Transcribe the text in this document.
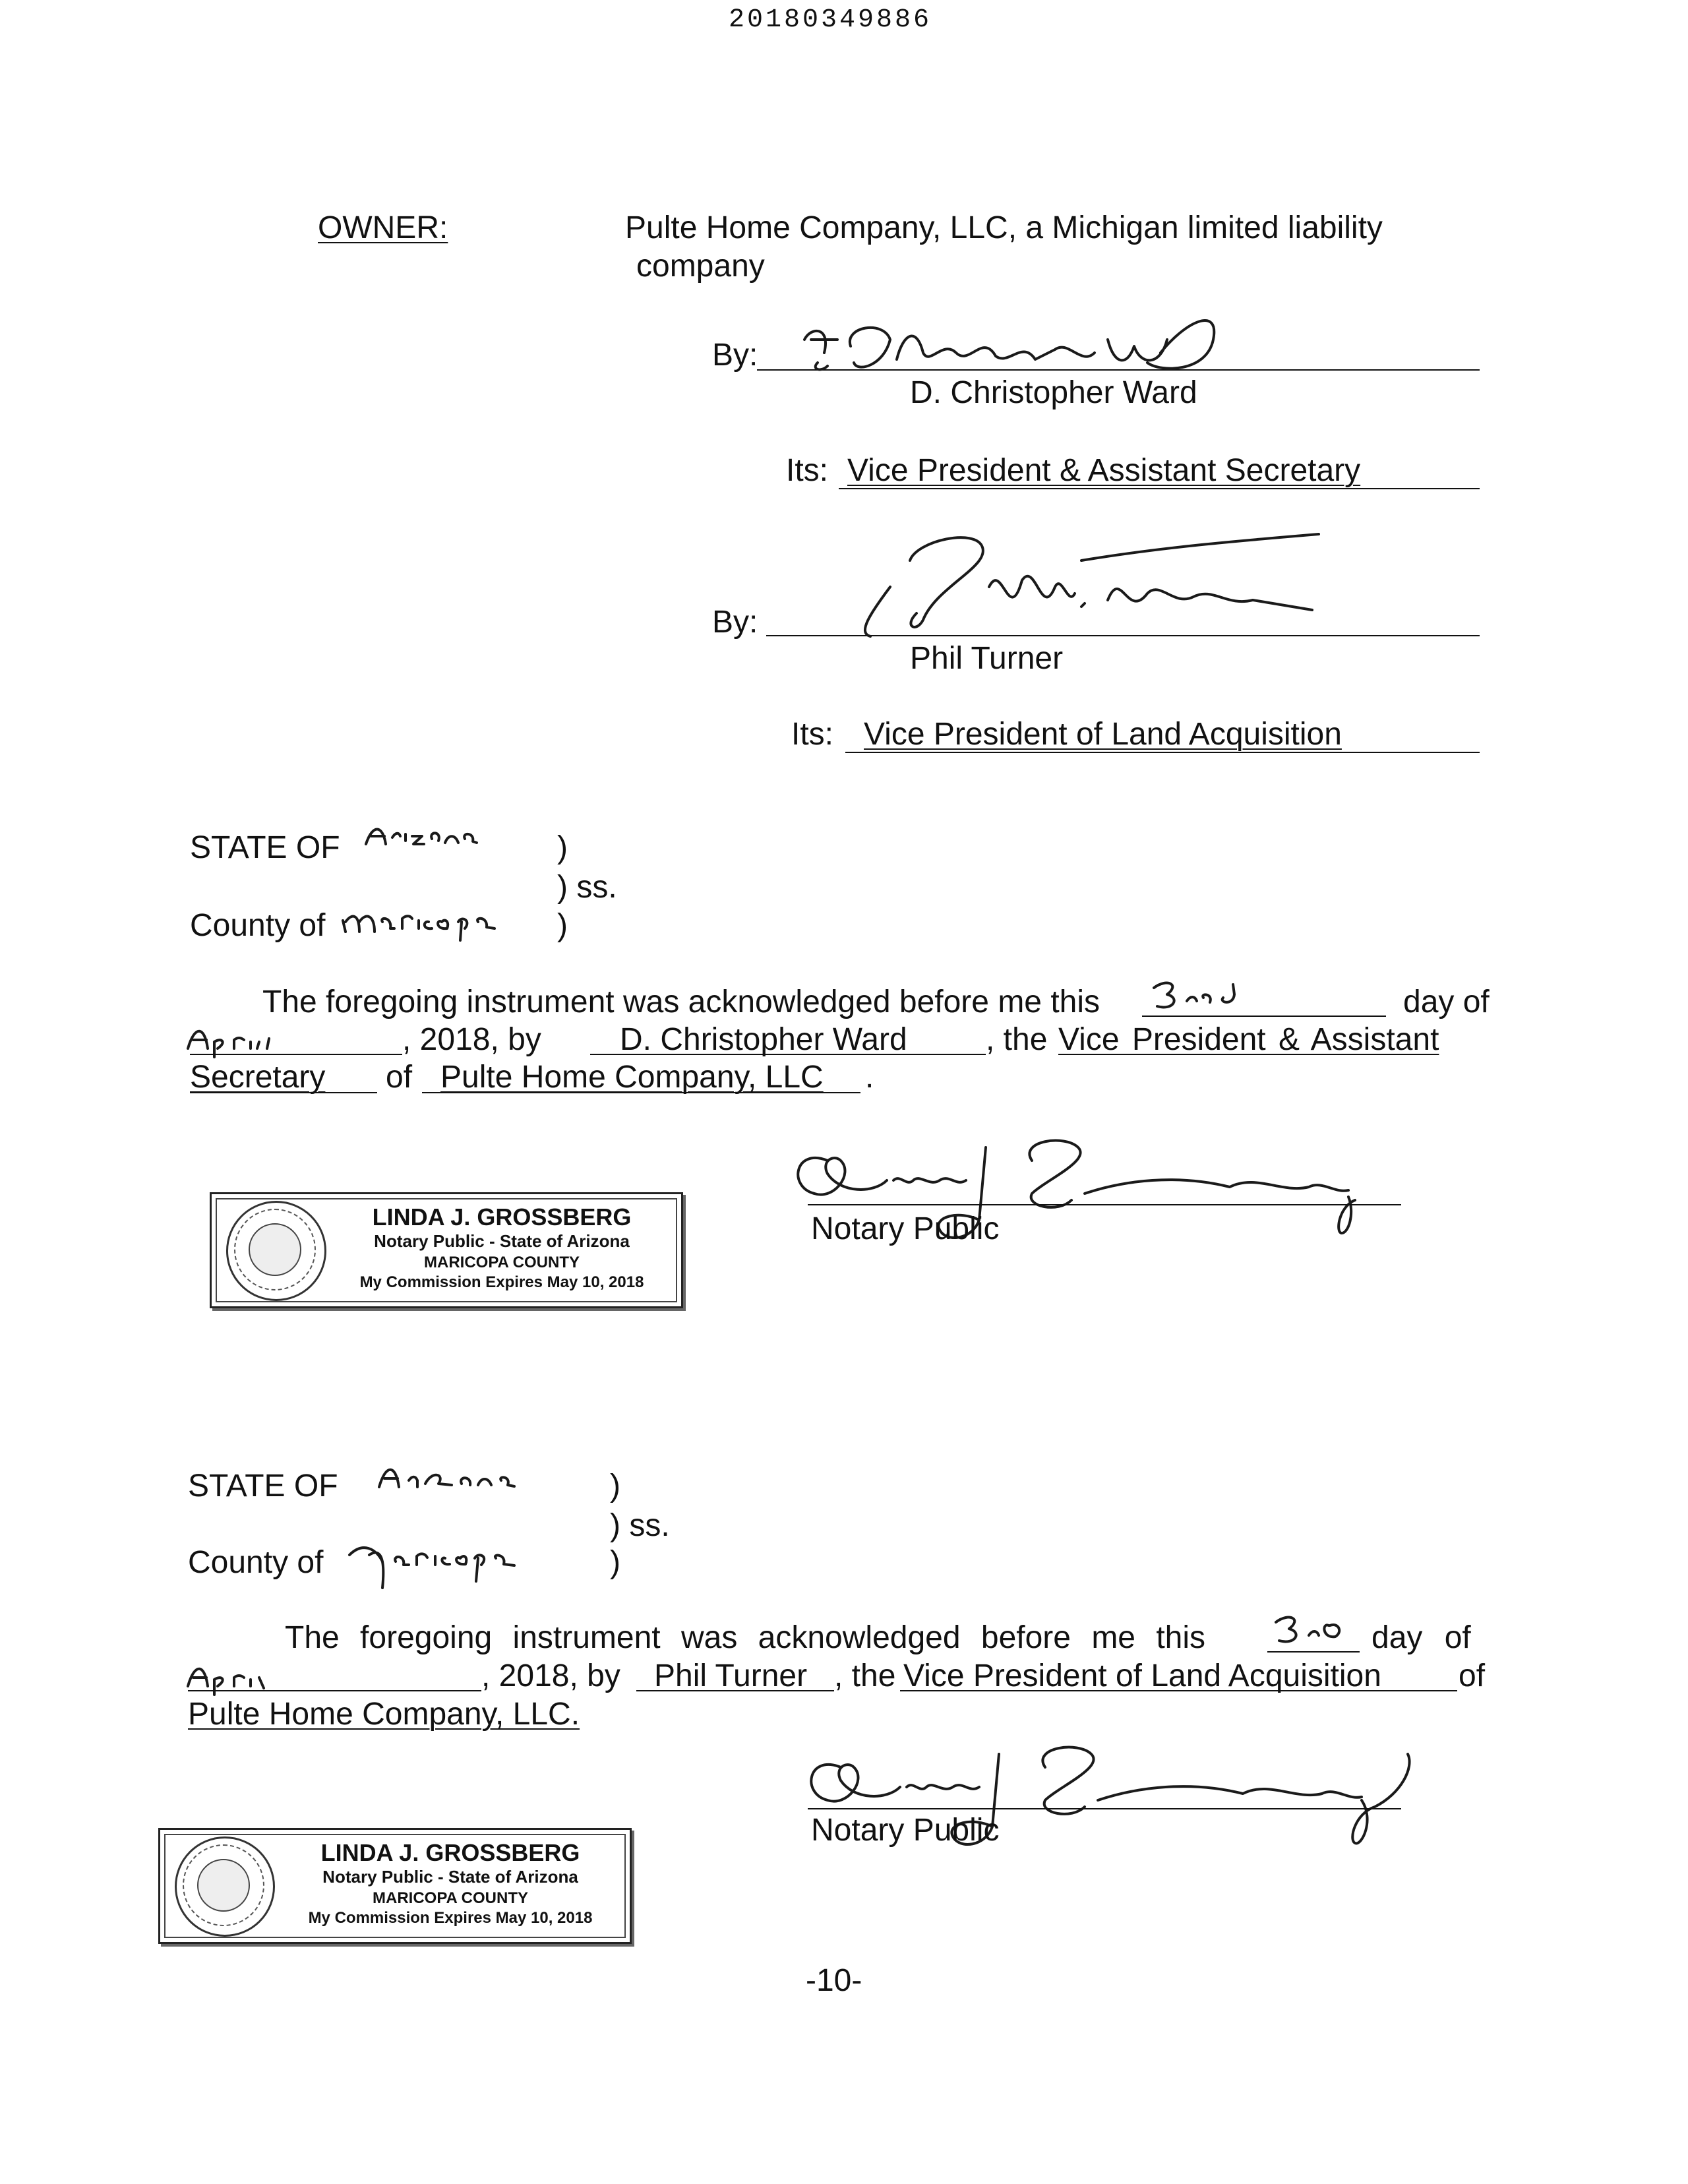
20180349886
OWNER:	Pulte Home Company, LLC, a Michigan limited liability
company
By:
D. Christopher Ward
Its: Vice President & Assistant Secretary
By:
Phil Turner
Its: Vice President of Land Acquisition
STATE OF	)
) ss.
County of	)
The foregoing instrument was acknowledged before me this	day of
, 2018, by D. Christopher Ward , the Vice President & Assistant
Secretary of Pulte Home Company, LLC .
Notary Public
LINDA J. GROSSBERG
Notary Public - State of Arizona
MARICOPA COUNTY
My Commission Expires May 10, 2018
STATE OF	)
) ss.
County of	)
The foregoing instrument was acknowledged before me this	day of
, 2018, by Phil Turner , the Vice President of Land Acquisition of
Pulte Home Company, LLC.
Notary Public
LINDA J. GROSSBERG
Notary Public - State of Arizona
MARICOPA COUNTY
My Commission Expires May 10, 2018
-10-
